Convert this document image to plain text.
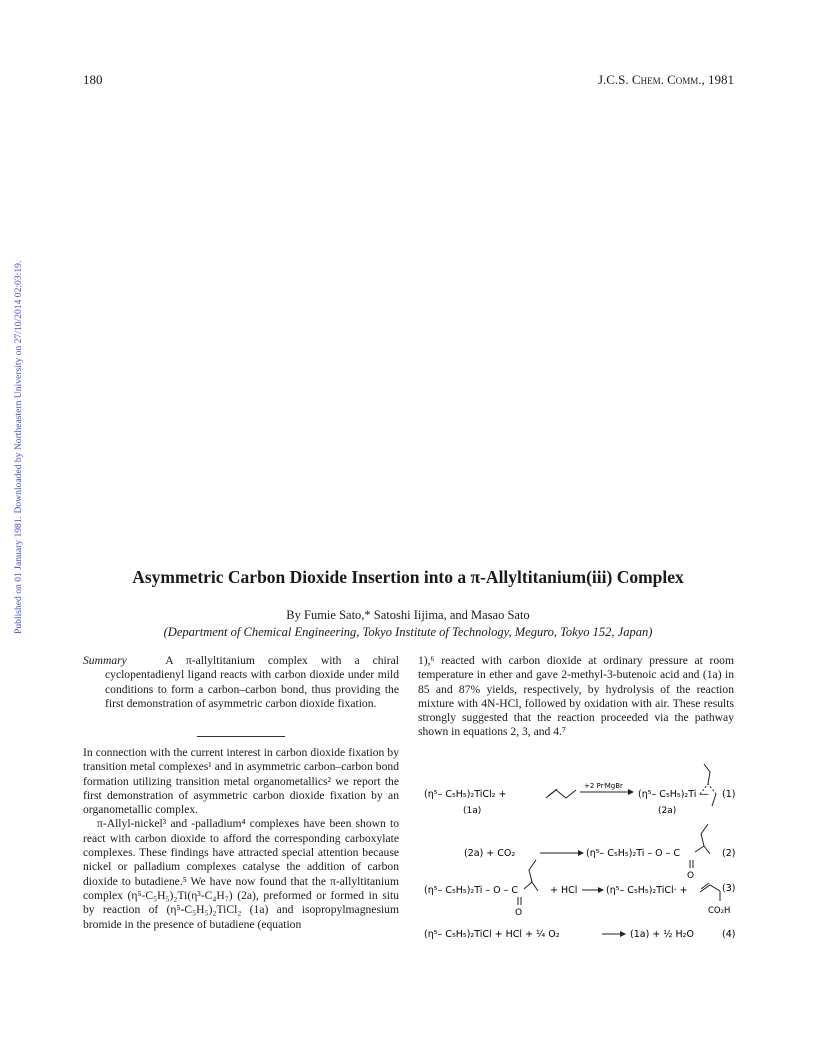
180	J.C.S. Chem. Comm., 1981
Published on 01 January 1981. Downloaded by Northeastern University on 27/10/2014 02:03:19.	Asymmetric Carbon Dioxide Insertion into a π-Allyltitanium(iii) Complex
By Fumie Sato,* Satoshi Iijima, and Masao Sato
(Department of Chemical Engineering, Tokyo Institute of Technology, Meguro, Tokyo 152, Japan)
Summary	A π-allyltitanium complex with a chiral cyclopentadienyl ligand reacts with carbon dioxide under mild conditions to form a carbon–carbon bond, thus providing the first demonstration of asymmetric carbon dioxide fixation.

In connection with the current interest in carbon dioxide fixation by transition metal complexes¹ and in asymmetric carbon–carbon bond formation utilizing transition metal organometallics² we report the first demonstration of asymmetric carbon dioxide fixation by an organometallic complex.

π-Allyl-nickel³ and -palladium⁴ complexes have been shown to react with carbon dioxide to afford the corresponding carboxylate complexes. These findings have attracted special attention because nickel or palladium complexes catalyse the addition of carbon dioxide to butadiene.⁵ We have now found that the π-allyltitanium complex (η⁵-C₅H₅)₂Ti(η³-C₄H₇) (2a), preformed or formed in situ by reaction of (η⁵-C₅H₅)₂TiCl₂ (1a) and isopropylmagnesium bromide in the presence of butadiene (equation

1),⁶ reacted with carbon dioxide at ordinary pressure at room temperature in ether and gave 2-methyl-3-butenoic acid and (1a) in 85 and 87% yields, respectively, by hydrolysis of the reaction mixture with 4N-HCl, followed by oxidation with air. These results strongly suggested that the reaction proceeded via the pathway shown in equations 2, 3, and 4.⁷

(η⁵– C₅H₅)₂TiCl₂ +
+2 PrⁱMgBr
(η⁵– C₅H₅)₂Ti — (1)
(1a)	(2a)
(2a) + CO₂	(η⁵– C₅H₅)₂Ti – O – C
O
(2)
(η⁵– C₅H₅)₂Ti – O – C
O
+ HCl	(η⁵– C₅H₅)₂TiCl· +
CO₂H
(3)
(η⁵– C₅H₅)₂TiCl + HCl + ¼ O₂	(1a) + ½ H₂O	(4)
